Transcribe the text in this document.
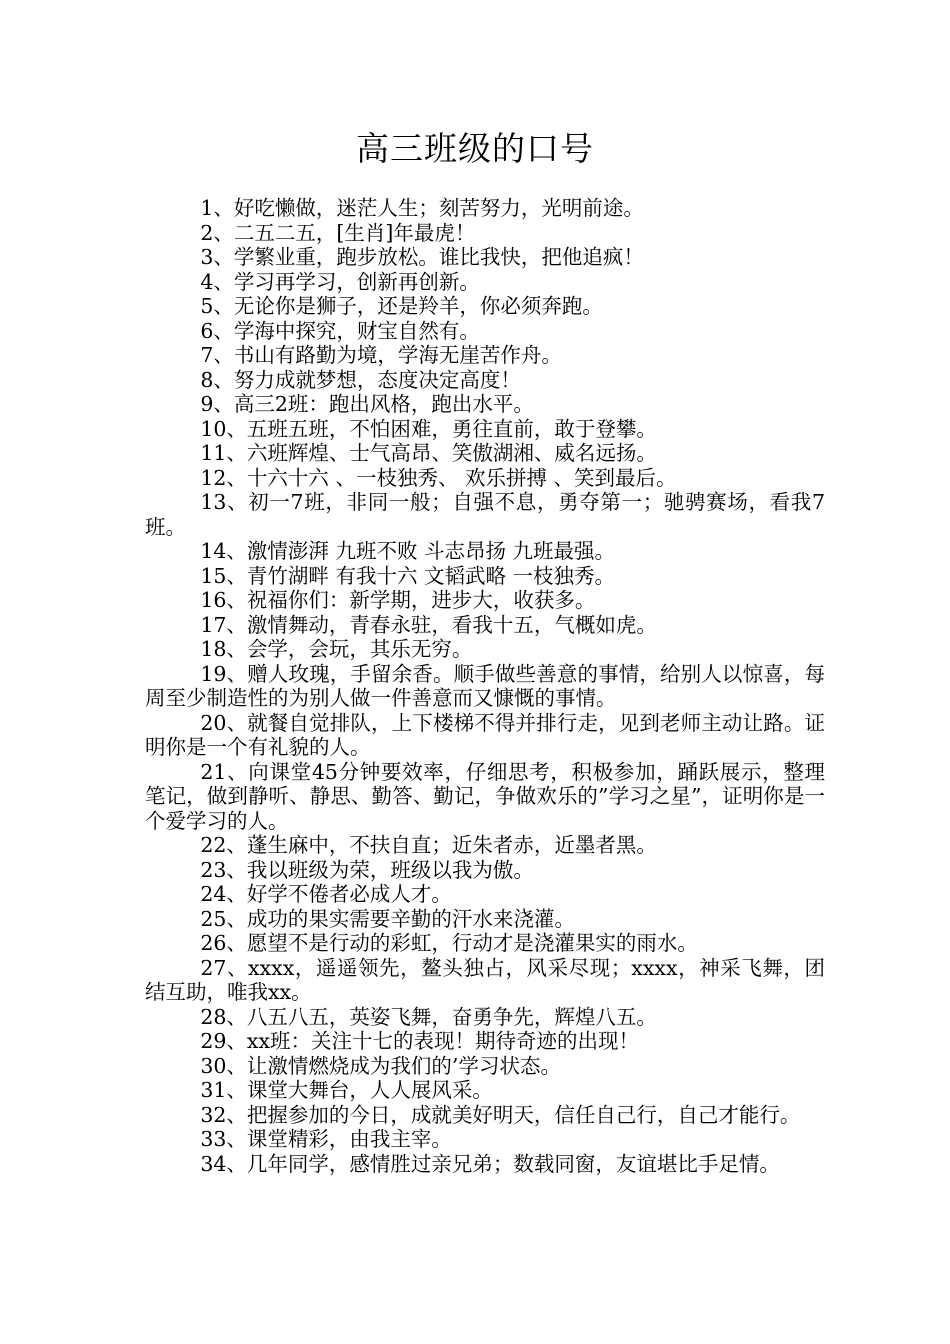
高三班级的口号

1、好吃懒做，迷茫人生；刻苦努力，光明前途。

2、二五二五，[生肖]年最虎！

3、学繁业重，跑步放松。谁比我快，把他追疯！

4、学习再学习，创新再创新。

5、无论你是狮子，还是羚羊，你必须奔跑。

6、学海中探究，财宝自然有。

7、书山有路勤为境，学海无崖苦作舟。

8、努力成就梦想，态度决定高度！

9、高三2班：跑出风格，跑出水平。

10、五班五班，不怕困难，勇往直前，敢于登攀。

11、六班辉煌、士气高昂、笑傲湖湘、威名远扬。

12、十六十六 、一枝独秀、 欢乐拼搏 、笑到最后。

13、初一7班，非同一般；自强不息，勇夺第一；驰骋赛场，看我7班。

14、激情澎湃 九班不败 斗志昂扬 九班最强。

15、青竹湖畔 有我十六 文韬武略 一枝独秀。

16、祝福你们：新学期，进步大，收获多。

17、激情舞动，青春永驻，看我十五，气概如虎。

18、会学，会玩，其乐无穷。

19、赠人玫瑰，手留余香。顺手做些善意的事情，给别人以惊喜，每周至少制造性的为别人做一件善意而又慷慨的事情。

20、就餐自觉排队，上下楼梯不得并排行走，见到老师主动让路。证明你是一个有礼貌的人。

21、向课堂45分钟要效率，仔细思考，积极参加，踊跃展示，整理笔记，做到静听、静思、勤答、勤记，争做欢乐的”学习之星”，证明你是一个爱学习的人。

22、蓬生麻中，不扶自直；近朱者赤，近墨者黑。

23、我以班级为荣，班级以我为傲。

24、好学不倦者必成人才。

25、成功的果实需要辛勤的汗水来浇灌。

26、愿望不是行动的彩虹，行动才是浇灌果实的雨水。

27、xxxx，遥遥领先，鳌头独占，风采尽现；xxxx，神采飞舞，团结互助，唯我xx。

28、八五八五，英姿飞舞，奋勇争先，辉煌八五。

29、xx班：关注十七的表现！期待奇迹的出现！

30、让激情燃烧成为我们的’学习状态。

31、课堂大舞台，人人展风采。

32、把握参加的今日，成就美好明天，信任自己行，自己才能行。

33、课堂精彩，由我主宰。

34、几年同学，感情胜过亲兄弟；数载同窗，友谊堪比手足情。
